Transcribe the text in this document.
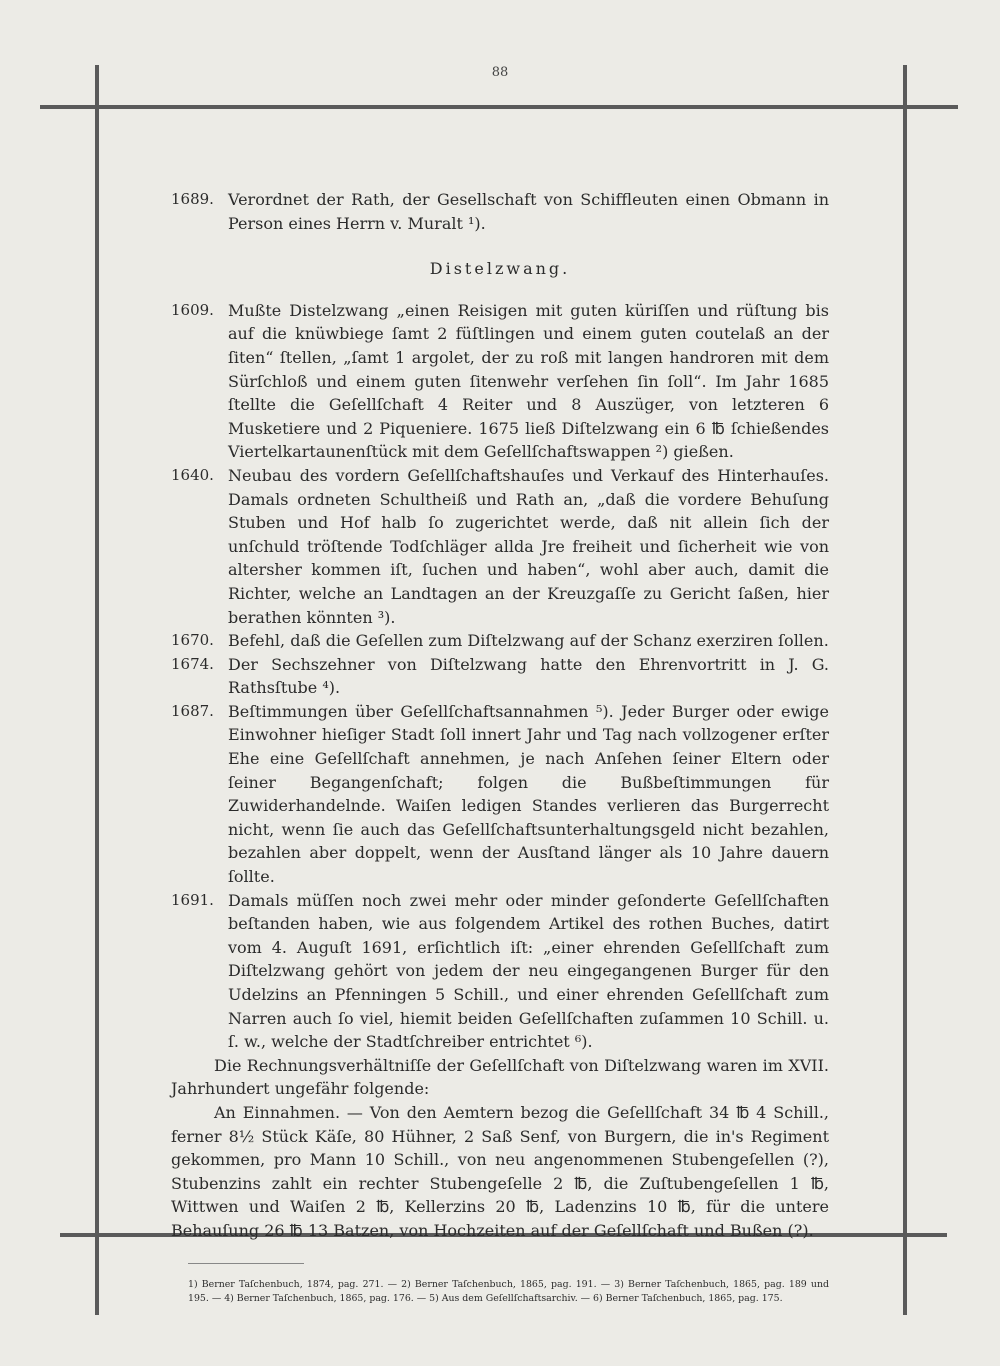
88
1689. Verordnet der Rath, der Gesellschaft von Schiffleuten einen Obmann in Person eines Herrn v. Muralt ¹).
Distelzwang.
1609. Mußte Distelzwang „einen Reisigen mit guten küriſſen und rüſtung bis auf die knüwbiege ſamt 2 füſtlingen und einem guten coutelaß an der ſiten“ ſtellen, „ſamt 1 argolet, der zu roß mit langen handroren mit dem Sürſchloß und einem guten ſitenwehr verſehen ſin ſoll“. Im Jahr 1685 ſtellte die Geſellſchaft 4 Reiter und 8 Auszüger, von letzteren 6 Musketiere und 2 Piqueniere. 1675 ließ Diſtelzwang ein 6 ℔ ſchießendes Viertelkartaunenſtück mit dem Geſellſchaftswappen ²) gießen.
1640. Neubau des vordern Geſellſchaftshauſes und Verkauf des Hinterhauſes. Damals ordneten Schultheiß und Rath an, „daß die vordere Behuſung Stuben und Hof halb ſo zugerichtet werde, daß nit allein ſich der unſchuld tröſtende Todſchläger allda Jre freiheit und ſicherheit wie von altersher kommen iſt, ſuchen und haben“, wohl aber auch, damit die Richter, welche an Landtagen an der Kreuzgaſſe zu Gericht ſaßen, hier berathen könnten ³).
1670. Befehl, daß die Geſellen zum Diſtelzwang auf der Schanz exerziren ſollen.
1674. Der Sechszehner von Diſtelzwang hatte den Ehrenvortritt in J. G. Rathsſtube ⁴).
1687. Beſtimmungen über Geſellſchaftsannahmen ⁵). Jeder Burger oder ewige Einwohner hieſiger Stadt ſoll innert Jahr und Tag nach vollzogener erſter Ehe eine Geſellſchaft annehmen, je nach Anſehen ſeiner Eltern oder ſeiner Begangenſchaft; folgen die Bußbeſtimmungen für Zuwiderhandelnde. Waiſen ledigen Standes verlieren das Burgerrecht nicht, wenn ſie auch das Geſellſchaftsunterhaltungsgeld nicht bezahlen, bezahlen aber doppelt, wenn der Ausſtand länger als 10 Jahre dauern ſollte.
1691. Damals müſſen noch zwei mehr oder minder geſonderte Geſellſchaften beſtanden haben, wie aus folgendem Artikel des rothen Buches, datirt vom 4. Auguſt 1691, erſichtlich iſt: „einer ehrenden Geſellſchaft zum Diſtelzwang gehört von jedem der neu eingegangenen Burger für den Udelzins an Pfenningen 5 Schill., und einer ehrenden Geſellſchaft zum Narren auch ſo viel, hiemit beiden Geſellſchaften zuſammen 10 Schill. u. ſ. w., welche der Stadtſchreiber entrichtet ⁶).

Die Rechnungsverhältniſſe der Geſellſchaft von Diſtelzwang waren im XVII. Jahrhundert ungefähr folgende:

An Einnahmen. — Von den Aemtern bezog die Geſellſchaft 34 ℔ 4 Schill., ferner 8½ Stück Käſe, 80 Hühner, 2 Saß Senf, von Burgern, die in's Regiment gekommen, pro Mann 10 Schill., von neu angenommenen Stubengeſellen (?), Stubenzins zahlt ein rechter Stubengeſelle 2 ℔, die Zuſtubengeſellen 1 ℔, Wittwen und Waiſen 2 ℔, Kellerzins 20 ℔, Ladenzins 10 ℔, für die untere Behauſung 26 ℔ 13 Batzen, von Hochzeiten auf der Geſellſchaft und Bußen (?).

1) Berner Taſchenbuch, 1874, pag. 271. — 2) Berner Taſchenbuch, 1865, pag. 191. — 3) Berner Taſchenbuch, 1865, pag. 189 und 195. — 4) Berner Taſchenbuch, 1865, pag. 176. — 5) Aus dem Geſellſchaftsarchiv. — 6) Berner Taſchenbuch, 1865, pag. 175.
